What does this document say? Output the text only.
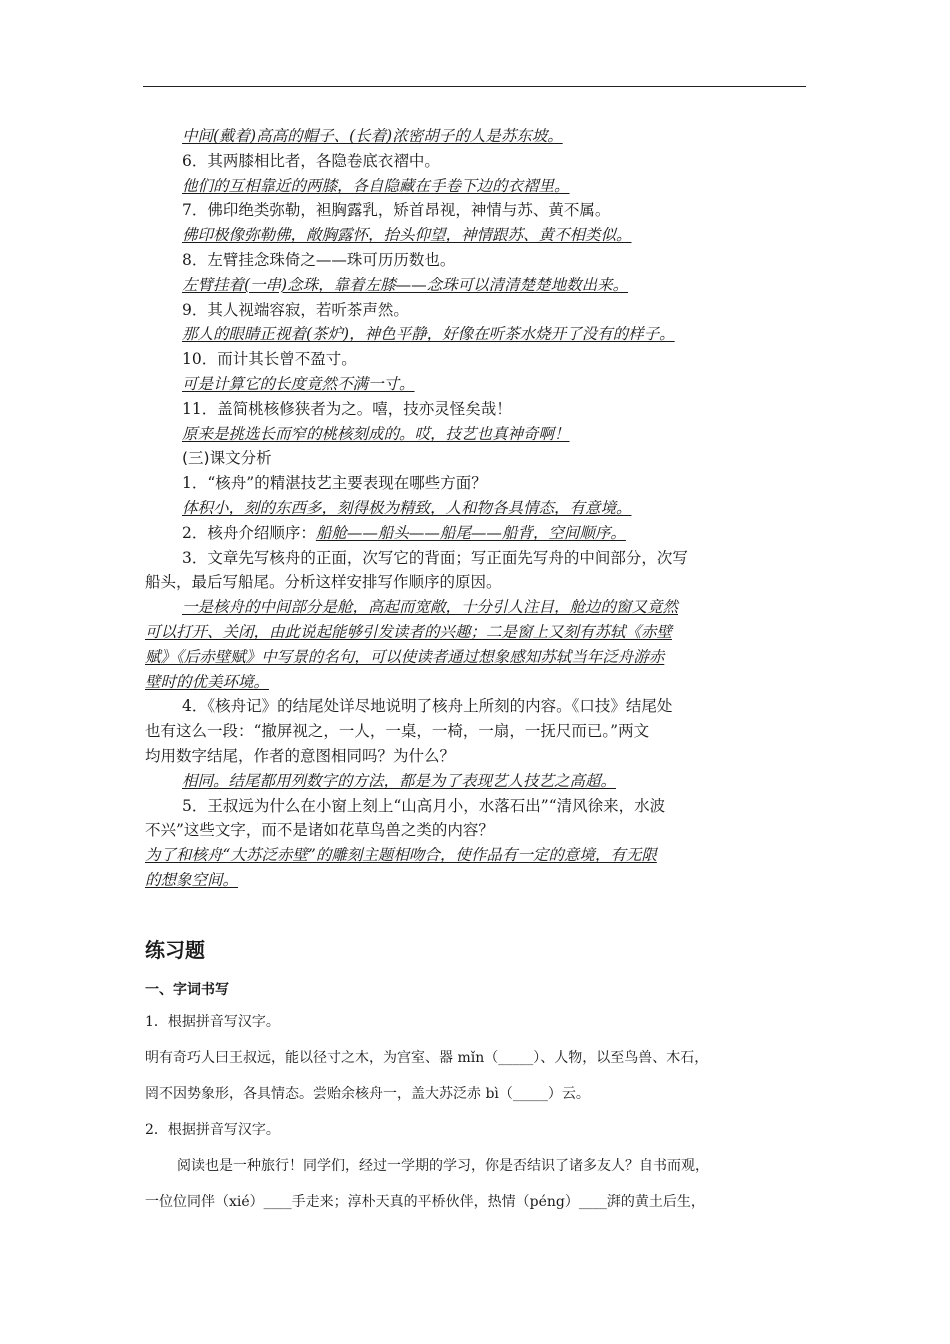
中间(戴着)高高的帽子、(长着)浓密胡子的人是苏东坡。
6．其两膝相比者，各隐卷底衣褶中。
他们的互相靠近的两膝，各自隐藏在手卷下边的衣褶里。
7．佛印绝类弥勒，袒胸露乳，矫首昂视，神情与苏、黄不属。
佛印极像弥勒佛，敞胸露怀，抬头仰望，神情跟苏、黄不相类似。
8．左臂挂念珠倚之——珠可历历数也。
左臂挂着(一串)念珠，靠着左膝——念珠可以清清楚楚地数出来。
9．其人视端容寂，若听茶声然。
那人的眼睛正视着(茶炉)，神色平静，好像在听茶水烧开了没有的样子。
10．而计其长曾不盈寸。
可是计算它的长度竟然不满一寸。
11．盖简桃核修狭者为之。嘻，技亦灵怪矣哉！
原来是挑选长而窄的桃核刻成的。哎，技艺也真神奇啊！
(三)课文分析
1．“核舟”的精湛技艺主要表现在哪些方面？
体积小，刻的东西多，刻得极为精致，人和物各具情态，有意境。
2．核舟介绍顺序：船舱——船头——船尾——船背，空间顺序。
3．文章先写核舟的正面，次写它的背面；写正面先写舟的中间部分，次写
船头，最后写船尾。分析这样安排写作顺序的原因。
一是核舟的中间部分是舱，高起而宽敞，十分引人注目，舱边的窗又竟然
可以打开、关闭，由此说起能够引发读者的兴趣；二是窗上又刻有苏轼《赤壁
赋》《后赤壁赋》中写景的名句，可以使读者通过想象感知苏轼当年泛舟游赤
壁时的优美环境。
4．《核舟记》的结尾处详尽地说明了核舟上所刻的内容。《口技》结尾处
也有这么一段：“撤屏视之，一人，一桌，一椅，一扇，一抚尺而已。”两文
均用数字结尾，作者的意图相同吗？为什么？
相同。结尾都用列数字的方法，都是为了表现艺人技艺之高超。
5．王叔远为什么在小窗上刻上“山高月小，水落石出”“清风徐来，水波
不兴”这些文字，而不是诸如花草鸟兽之类的内容？
为了和核舟“大苏泛赤壁”的雕刻主题相吻合，使作品有一定的意境，有无限
的想象空间。
练习题
一、字词书写
1．根据拼音写汉字。
明有奇巧人曰王叔远，能以径寸之木，为宫室、器 mǐn（_____）、人物，以至鸟兽、木石，
罔不因势象形，各具情态。尝贻余核舟一，盖大苏泛赤 bì（_____）云。
2．根据拼音写汉字。
阅读也是一种旅行！同学们，经过一学期的学习，你是否结识了诸多友人？自书而观，
一位位同伴（xié）____手走来；淳朴天真的平桥伙伴，热情（péng）____湃的黄土后生，
